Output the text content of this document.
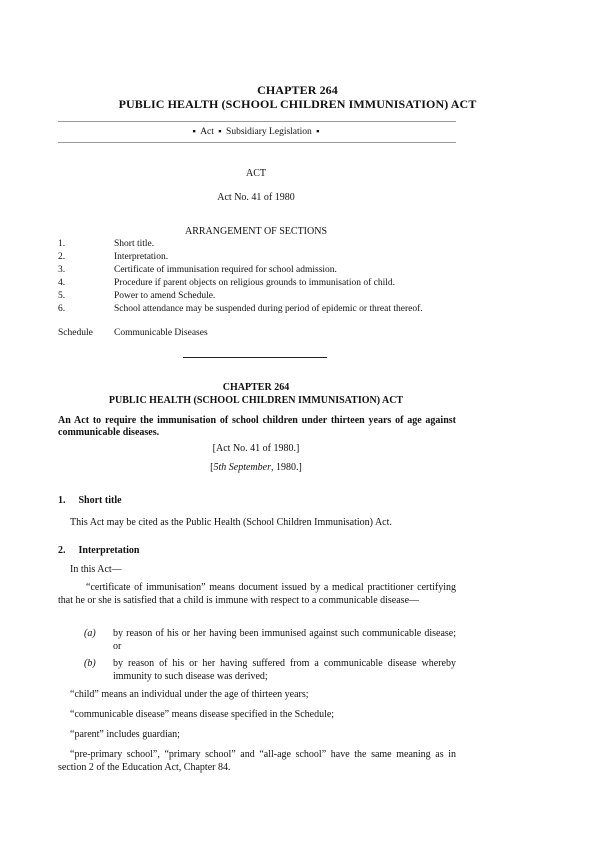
CHAPTER 264
PUBLIC HEALTH (SCHOOL CHILDREN IMMUNISATION) ACT
▪ Act ▪ Subsidiary Legislation ▪
ACT
Act No. 41 of 1980
ARRANGEMENT OF SECTIONS
1.	Short title.
2.	Interpretation.
3.	Certificate of immunisation required for school admission.
4.	Procedure if parent objects on religious grounds to immunisation of child.
5.	Power to amend Schedule.
6.	School attendance may be suspended during period of epidemic or threat thereof.
Schedule	Communicable Diseases
CHAPTER 264
PUBLIC HEALTH (SCHOOL CHILDREN IMMUNISATION) ACT
An Act to require the immunisation of school children under thirteen years of age against communicable diseases.
[Act No. 41 of 1980.]
[5th September, 1980.]
1. Short title
This Act may be cited as the Public Health (School Children Immunisation) Act.
2. Interpretation
In this Act—
“certificate of immunisation” means document issued by a medical practitioner certifying that he or she is satisfied that a child is immune with respect to a communicable disease—
(a) by reason of his or her having been immunised against such communicable disease; or
(b) by reason of his or her having suffered from a communicable disease whereby immunity to such disease was derived;
“child” means an individual under the age of thirteen years;
“communicable disease” means disease specified in the Schedule;
“parent” includes guardian;
“pre-primary school”, “primary school” and “all-age school” have the same meaning as in section 2 of the Education Act, Chapter 84.
